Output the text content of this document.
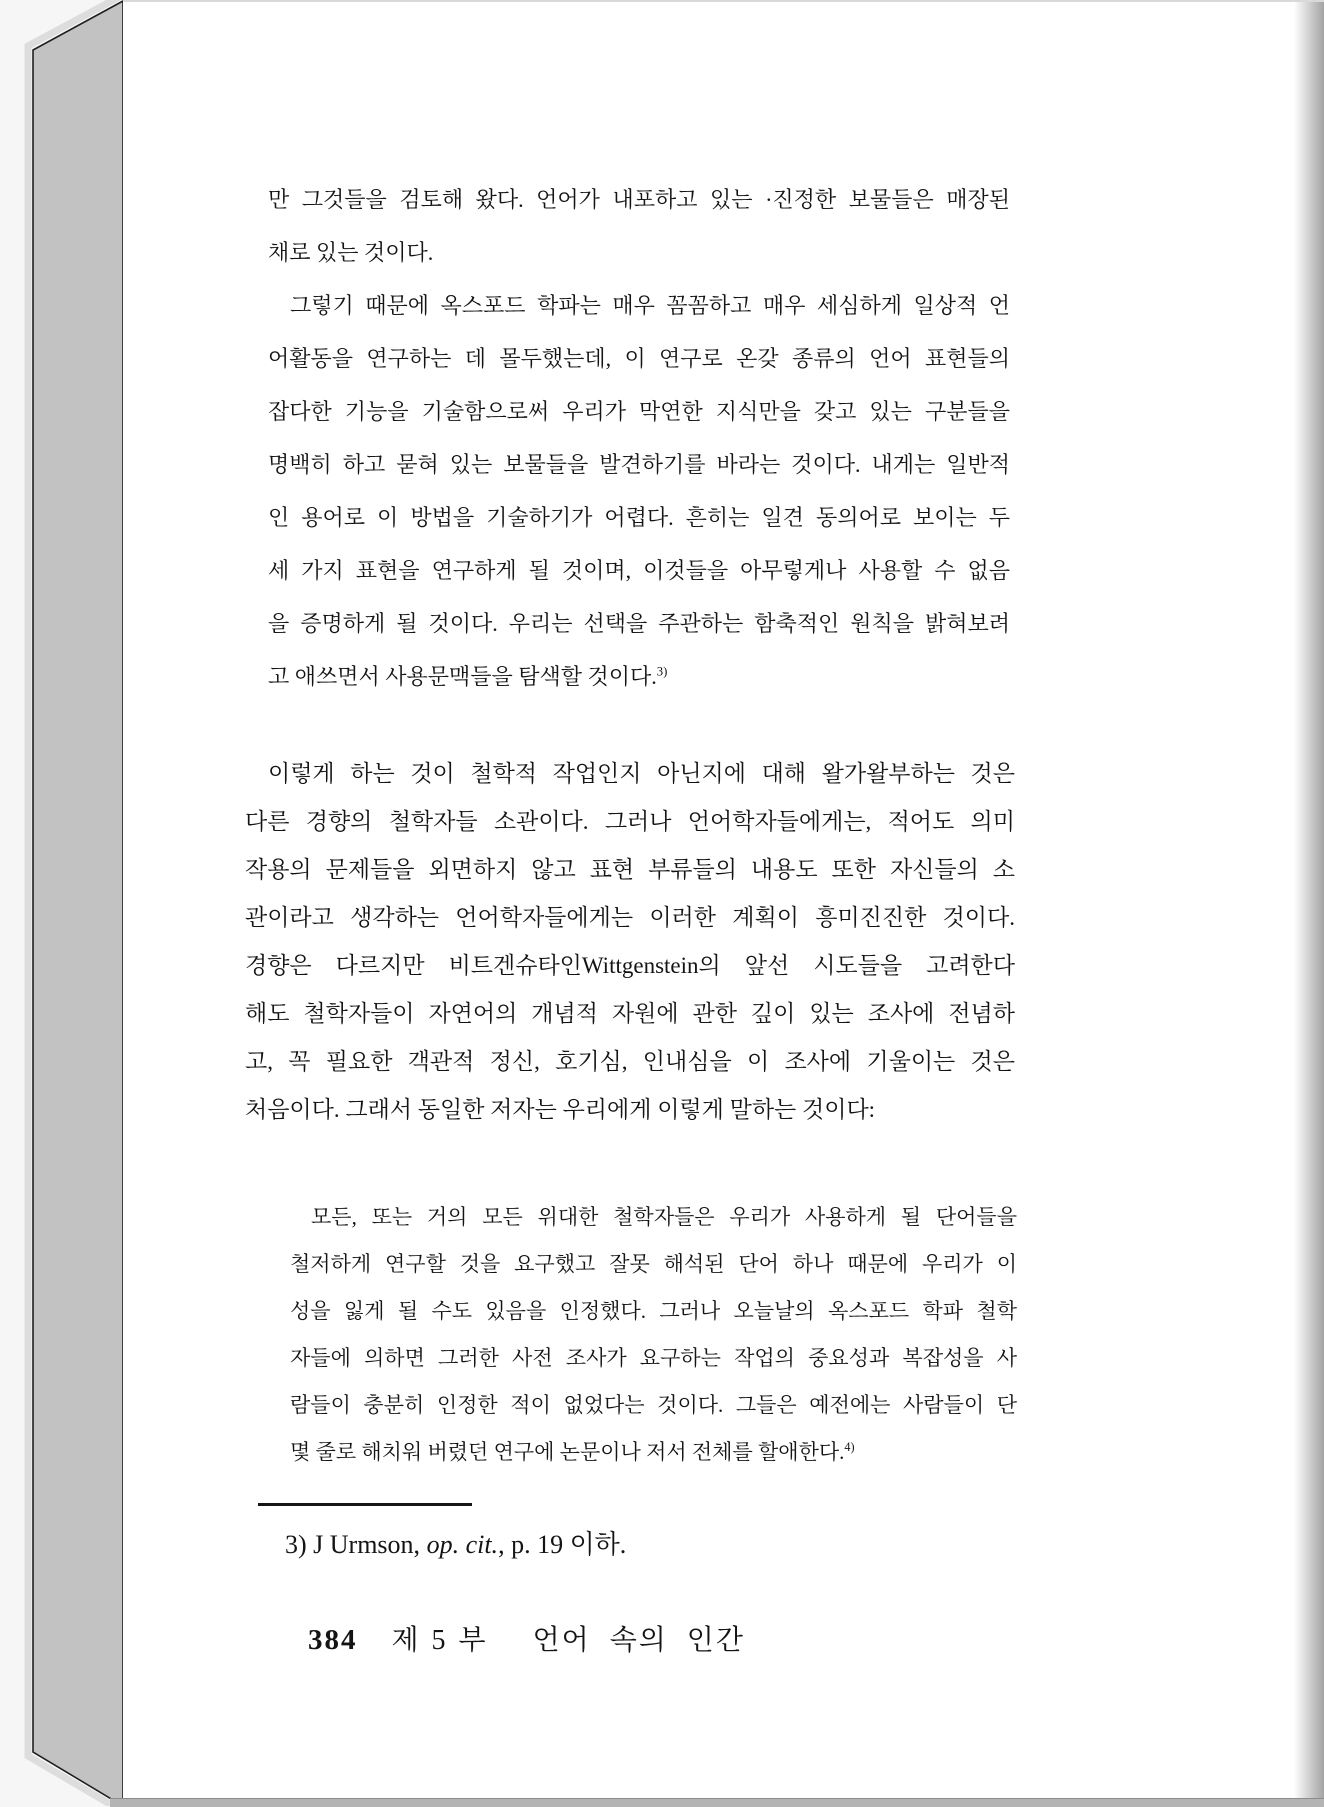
만 그것들을 검토해 왔다. 언어가 내포하고 있는 ·진정한 보물들은 매장된
채로 있는 것이다.
그렇기 때문에 옥스포드 학파는 매우 꼼꼼하고 매우 세심하게 일상적 언
어활동을 연구하는 데 몰두했는데, 이 연구로 온갖 종류의 언어 표현들의
잡다한 기능을 기술함으로써 우리가 막연한 지식만을 갖고 있는 구분들을
명백히 하고 묻혀 있는 보물들을 발견하기를 바라는 것이다. 내게는 일반적
인 용어로 이 방법을 기술하기가 어렵다. 흔히는 일견 동의어로 보이는 두
세 가지 표현을 연구하게 될 것이며, 이것들을 아무렇게나 사용할 수 없음
을 증명하게 될 것이다. 우리는 선택을 주관하는 함축적인 원칙을 밝혀보려
고 애쓰면서 사용문맥들을 탐색할 것이다.$^{3)}$
이렇게 하는 것이 철학적 작업인지 아닌지에 대해 왈가왈부하는 것은
다른 경향의 철학자들 소관이다. 그러나 언어학자들에게는, 적어도 의미
작용의 문제들을 외면하지 않고 표현 부류들의 내용도 또한 자신들의 소
관이라고 생각하는 언어학자들에게는 이러한 계획이 흥미진진한 것이다.
경향은 다르지만 비트겐슈타인Wittgenstein의 앞선 시도들을 고려한다
해도 철학자들이 자연어의 개념적 자원에 관한 깊이 있는 조사에 전념하
고, 꼭 필요한 객관적 정신, 호기심, 인내심을 이 조사에 기울이는 것은
처음이다. 그래서 동일한 저자는 우리에게 이렇게 말하는 것이다:
모든, 또는 거의 모든 위대한 철학자들은 우리가 사용하게 될 단어들을
철저하게 연구할 것을 요구했고 잘못 해석된 단어 하나 때문에 우리가 이
성을 잃게 될 수도 있음을 인정했다. 그러나 오늘날의 옥스포드 학파 철학
자들에 의하면 그러한 사전 조사가 요구하는 작업의 중요성과 복잡성을 사
람들이 충분히 인정한 적이 없었다는 것이다. 그들은 예전에는 사람들이 단
몇 줄로 해치워 버렸던 연구에 논문이나 저서 전체를 할애한다.$^{4)}$
3) J Urmson, op. cit., p. 19 이하.
384 제 5 부 언어 속의 인간
